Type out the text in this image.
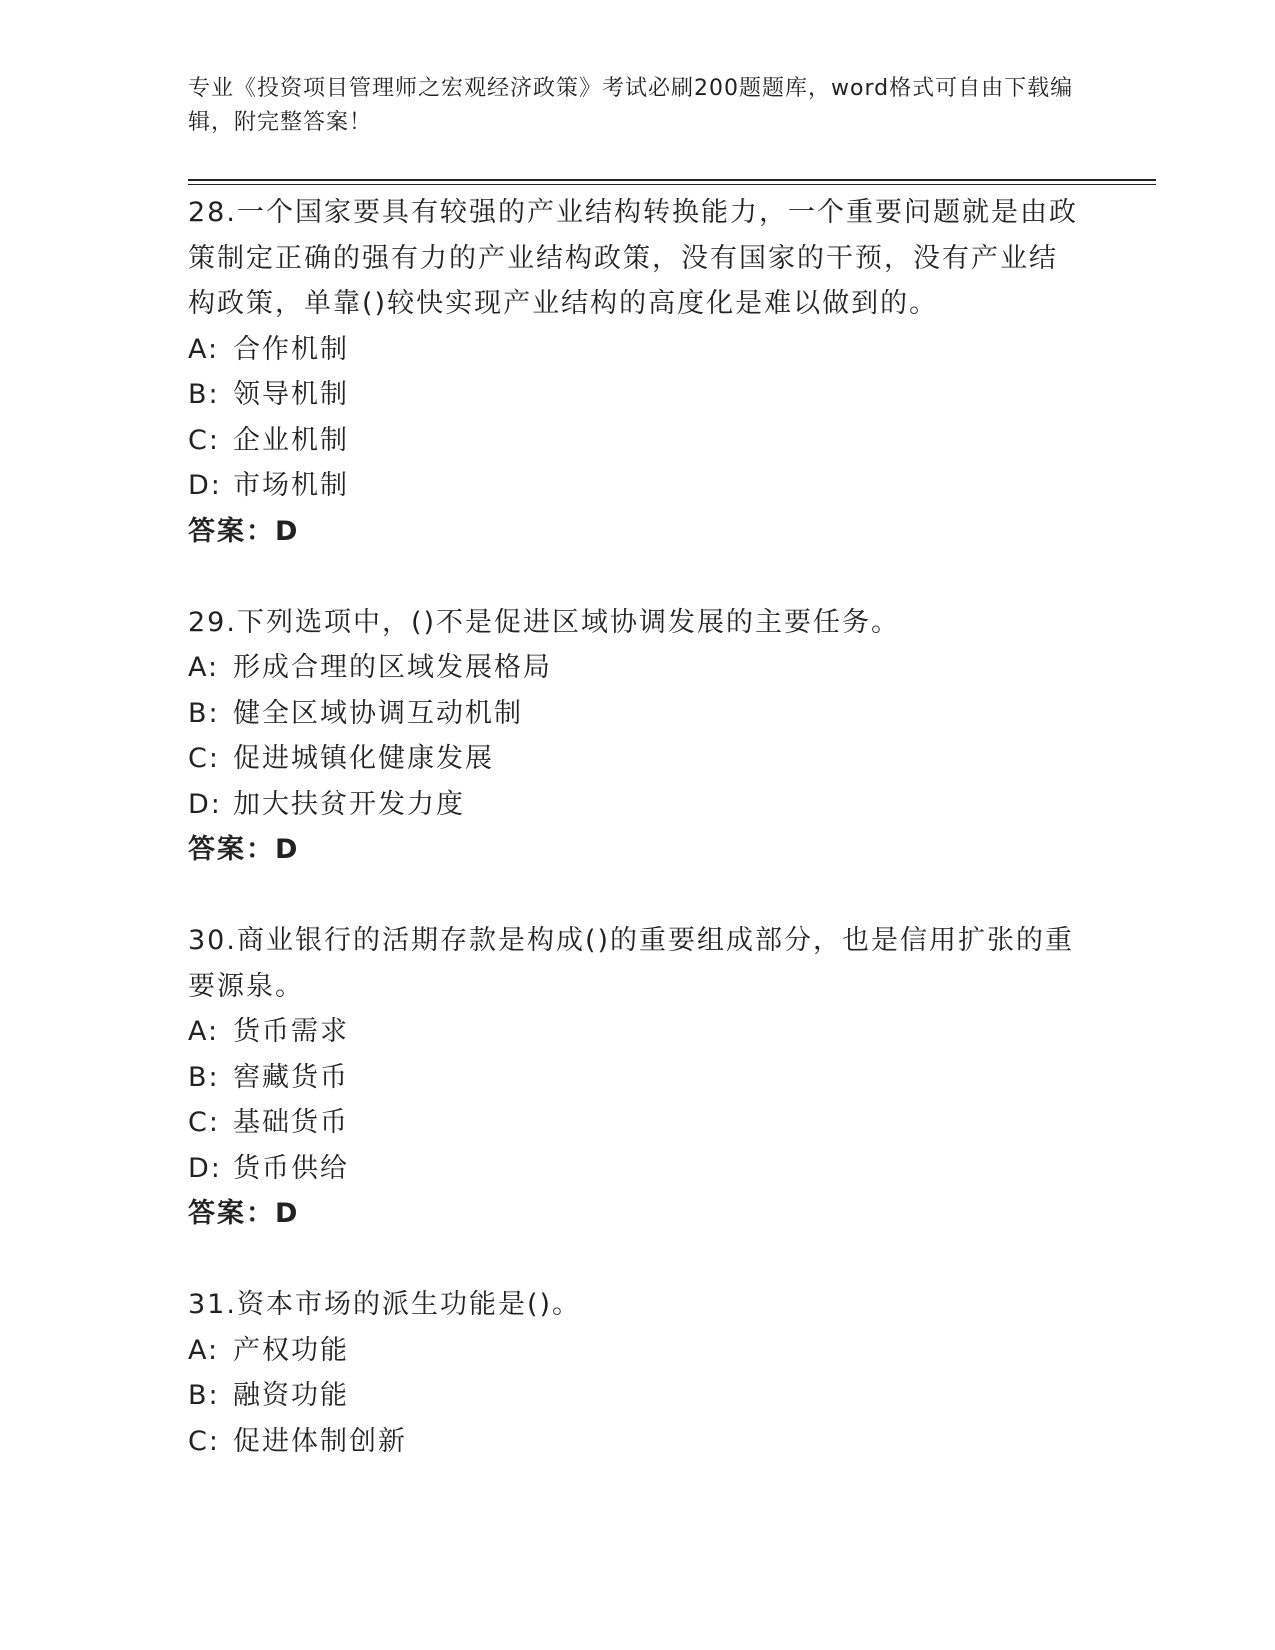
专业《投资项目管理师之宏观经济政策》考试必刷200题题库，word格式可自由下载编辑，附完整答案！

28.一个国家要具有较强的产业结构转换能力，一个重要问题就是由政策制定正确的强有力的产业结构政策，没有国家的干预，没有产业结构政策，单靠()较快实现产业结构的高度化是难以做到的。

A: 合作机制

B: 领导机制

C: 企业机制

D: 市场机制

答案：D

29.下列选项中，()不是促进区域协调发展的主要任务。

A: 形成合理的区域发展格局

B: 健全区域协调互动机制

C: 促进城镇化健康发展

D: 加大扶贫开发力度

答案：D

30.商业银行的活期存款是构成()的重要组成部分，也是信用扩张的重要源泉。

A: 货币需求

B: 窖藏货币

C: 基础货币

D: 货币供给

答案：D

31.资本市场的派生功能是()。

A: 产权功能

B: 融资功能

C: 促进体制创新
